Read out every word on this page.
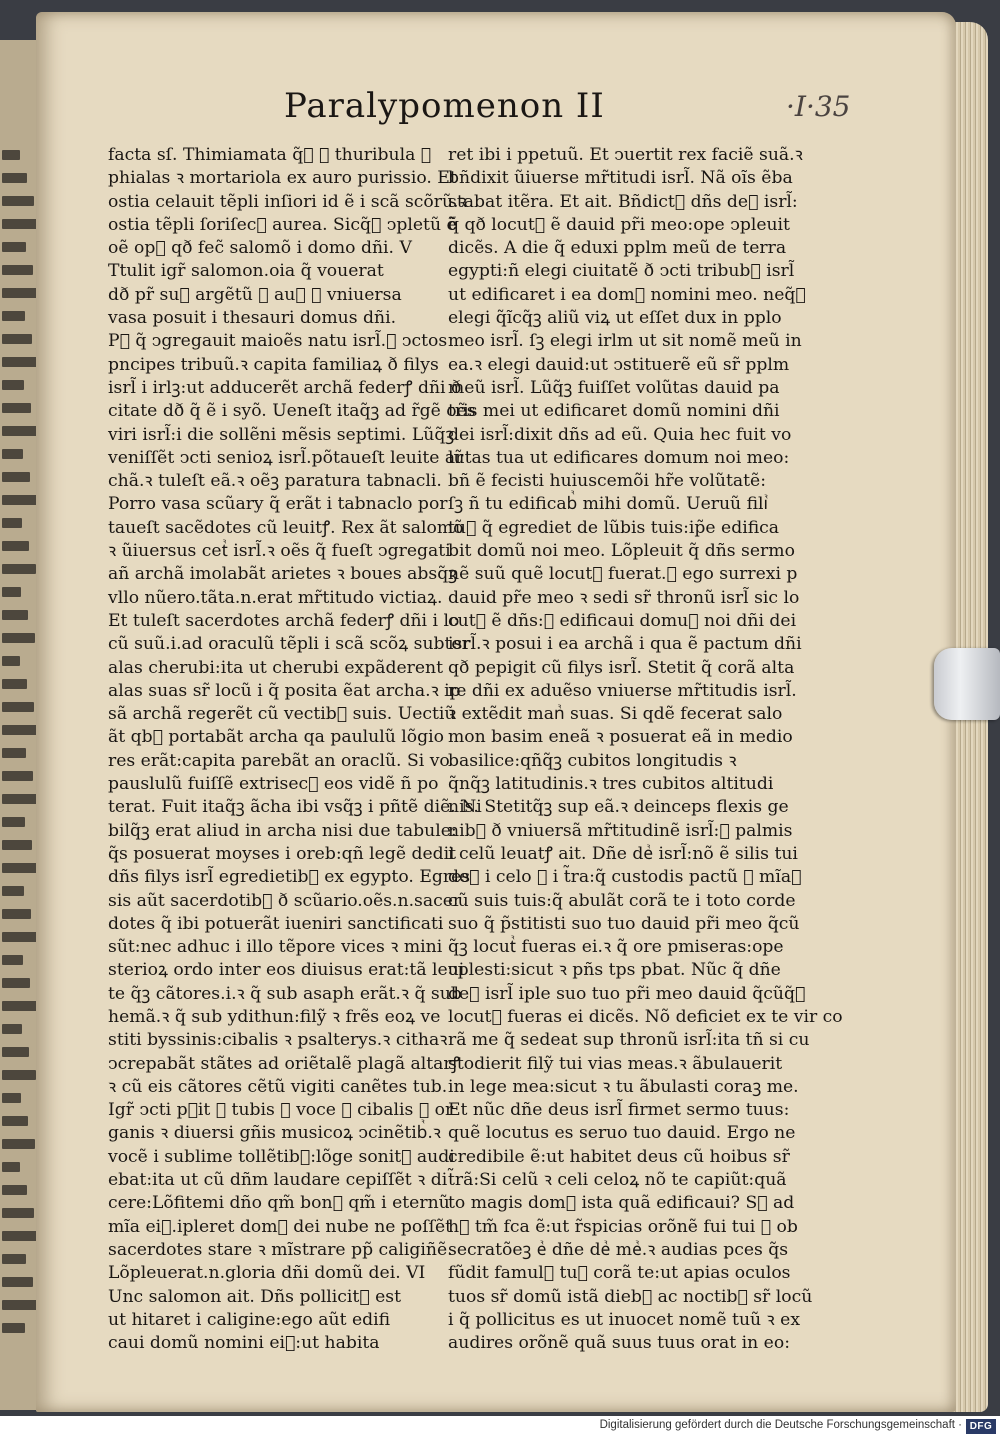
Paralypomenon II	·I·35
facta sſ. Thimiamata q̃ᷣ ꝛ thuribula ꝛ
phialas ꝛ mortariola ex auro purissio. Et
ostia celauit tẽpli inſiori id ẽ i scã scõrũ.ꝛ
ostia tẽpli ſoriſecᷣ aurea. Sicq̃ꝫ ↄpletũ ẽ
oẽ opᷣ qð fec̃ salomõ i domo dñi. V
Ttulit igr̃ salomon.oia q̃ vouerat
dð pr̃ suᷣ argẽtũ ꝛ auꝝ ꝛ vniuersa
vasa posuit i thesauri domus dñi.
Pᷣ q̃ ↄgregauit maioẽs natu isrl̃.ꝛ ↄctos
pncipes tribuũ.ꝛ capita familiaꝝ ð filys
isrl̃ i irlꝫ:ut adducerẽt archã federꝭ dñi ð
citate dð q̃ ẽ i syõ. Ueneſt itaq̃ꝫ ad r̃gẽ oẽs
viri isrl̃:i die sollẽni mẽsis septimi. Lũq̃ꝫ
veniſſẽt ↄcti senioꝝ isrl̃.põtaueſt leuite ar
chã.ꝛ tuleſt eã.ꝛ oẽꝫ paratura tabnacli.
Porro vasa scũary q̃ erãt i tabnaclo por
taueſt sacẽdotes cũ leuitꝭ. Rex ãt salomõ
ꝛ ũiuersus cetᷣ isrl̃.ꝛ oẽs q̃ fueſt ↄgregati
añ archã imolabãt arietes ꝛ boues absq̃ꝫ
vllo nũero.tãta.n.erat mr̃titudo victiaꝝ.
Et tuleſt sacerdotes archã federꝭ dñi i lo
cũ suũ.i.ad oraculũ tẽpli i scã scõꝝ subter
alas cherubi:ita ut cherubi expãderent
alas suas sr̃ locũ i q̃ posita ẽat archa.ꝛ ip
sã archã regerẽt cũ vectibᷣ suis. Uectiũ
ãt qbᷣ portabãt archa qa paululũ lõgio
res erãt:capita parebãt an oraclũ. Si vo
pauslulũ fuiſſẽ extrisecᷣ eos vidẽ ñ po
terat. Fuit itaq̃ꝫ ãcha ibi vsq̃ꝫ i pñtẽ diẽ. Ni
bilq̃ꝫ erat aliud in archa nisi due tabule:
q̃s posuerat moyses i oreb:qñ legẽ dedit
dñs filys isrl̃ egredietibᷣ ex egypto. Egres
sis aũt sacerdotibᷣ ð scũario.oẽs.n.sacer
dotes q̃ ibi potuerãt iueniri sanctificati
sũt:nec adhuc i illo tẽpore vices ꝛ mini
sterioꝝ ordo inter eos diuisus erat:tã leui
te q̃ꝫ cãtores.i.ꝛ q̃ sub asaph erãt.ꝛ q̃ sub
hemã.ꝛ q̃ sub ydithun:filỹ ꝛ frẽs eoꝝ ve
stiti byssinis:cibalis ꝛ psalterys.ꝛ cithaꝛ
ↄcrepabãt stãtes ad oriẽtalẽ plagã altarꝭ
ꝛ cũ eis cãtores cẽtũ vigiti canẽtes tub.
Igr̃ ↄcti pᷣit ꝛ tubis ꝛ voce ꝛ cibalis ꝛ or
ganis ꝛ diuersi gñis musicoꝝ ↄcinẽtibᷣ.ꝛ
vocẽ i sublime tollẽtibᷣ:lõge sonitᷣ audi
ebat:ita ut cũ dñm laudare cepiſſẽt ꝛ di
cere:Lõfitemi dño qm̃ bonᷣ qm̃ i eternũ
mĩa eiᷣ.ipleret domᷣ dei nube ne poſſẽt
sacerdotes stare ꝛ mĩstrare pp̃ caligiñẽ.
Lõpleuerat.n.gloria dñi domũ dei. VI
Unc salomon ait. Dñs pollicitᷣ est
ut hitaret i caligine:ego aũt edifi
caui domũ nomini eiᷣ:ut habita
ret ibi i ppetuũ. Et ↄuertit rex faciẽ suã.ꝛ
bñdixit ũiuerse mr̃titudi isrl̃. Nã oĩs ẽba
stabat itẽra. Et ait. Bñdictᷣ dñs deᷣ isrl̃:
q̃ qð locutᷣ ẽ dauid pr̃i meo:ope ↄpleuit
dicẽs. A die q̃ eduxi pplm meũ de terra
egypti:ñ elegi ciuitatẽ ð ↄcti tribubᷣ isrl̃
ut edificaret i ea domᷣ nomini meo. neq̃ꝫ
elegi q̃ĩcq̃ꝫ aliũ viꝝ ut eſſet dux in pplo
meo isrl̃. ſꝫ elegi irlm ut sit nomẽ meũ in
ea.ꝛ elegi dauid:ut ↄstituerẽ eũ sr̃ pplm
meũ isrl̃. Lũq̃ꝫ fuiſſet volũtas dauid pa
tris mei ut edificaret domũ nomini dñi
dei isrl̃:dixit dñs ad eũ. Quia hec fuit vo
lũtas tua ut edificares domum noi meo:
bñ ẽ fecisti huiuscemõi hr̃e volũtatẽ:
ſꝫ ñ tu edificabᷣ mihi domũ. Ueruũ filiᷣ
tuᷣ q̃ egrediet de lũbis tuis:ip̃e edifica
bit domũ noi meo. Lõpleuit q̃ dñs sermo
nẽ suũ quẽ locutᷣ fuerat.ꝛ ego surrexi p
dauid pr̃e meo ꝛ sedi sr̃ thronũ isrl̃ sic lo
cutᷣ ẽ dñs:ꝛ edificaui domuꝫ noi dñi dei
isrl̃.ꝛ posui i ea archã i qua ẽ pactum dñi
qð pepigit cũ filys isrl̃. Stetit q̃ corã alta
re dñi ex aduẽso vniuerse mr̃titudis isrl̃.
ꝛ extẽdit manᷣ suas. Si qdẽ fecerat salo
mon basim eneã ꝛ posuerat eã in medio
basilice:qñq̃ꝫ cubitos longitudis ꝛ
q̃nq̃ꝫ latitudinis.ꝛ tres cubitos altitudi
nis. Stetitq̃ꝫ sup eã.ꝛ deinceps flexis ge
nibᷣ ð vniuersã mr̃titudinẽ isrl̃:ꝛ palmis
i celũ leuatꝭ ait. Dñe deᷣ isrl̃:nõ ẽ silis tui
deᷣ i celo ꝛ i t̃ra:q̃ custodis pactũ ꝛ mĩaꝫ
cũ suis tuis:q̃ abulãt corã te i toto corde
suo q̃ p̃stitisti suo tuo dauid pr̃i meo q̃cũ
q̃ꝫ locutᷣ fueras ei.ꝛ q̃ ore pmiseras:ope
ↄplesti:sicut ꝛ pñs tps pbat. Nũc q̃ dñe
deᷣ isrl̃ iple suo tuo pr̃i meo dauid q̃cũq̃ꝫ
locutᷣ fueras ei dicẽs. Nõ deficiet ex te vir co
rã me q̃ sedeat sup thronũ isrl̃:ita tñ si cu
stodierit filỹ tui vias meas.ꝛ ãbulauerit
in lege mea:sicut ꝛ tu ãbulasti coraꝫ me.
Et nũc dñe deus isrl̃ firmet sermo tuus:
quẽ locutus es seruo tuo dauid. Ergo ne
credibile ẽ:ut habitet deus cũ hoibus sr̃
t̃rã:Si celũ ꝛ celi celoꝝ nõ te capiũt:quã
to magis domᷣ ista quã edificaui? Sꝫ ad
hᷣ tm̃ fca ẽ:ut r̃spicias orõnẽ fui tui ꝛ ob
secratõeꝫ eᷣ dñe deᷣ meᷣ.ꝛ audias pces q̃s
fũdit famulᷣ tuᷣ corã te:ut apias oculos
tuos sr̃ domũ istã diebᷣ ac noctibᷣ sr̃ locũ
i q̃ pollicitus es ut inuocet nomẽ tuũ ꝛ ex
audires orõnẽ quã suus tuus orat in eo:
Digitalisierung gefördert durch die Deutsche Forschungsgemeinschaft · DFG
